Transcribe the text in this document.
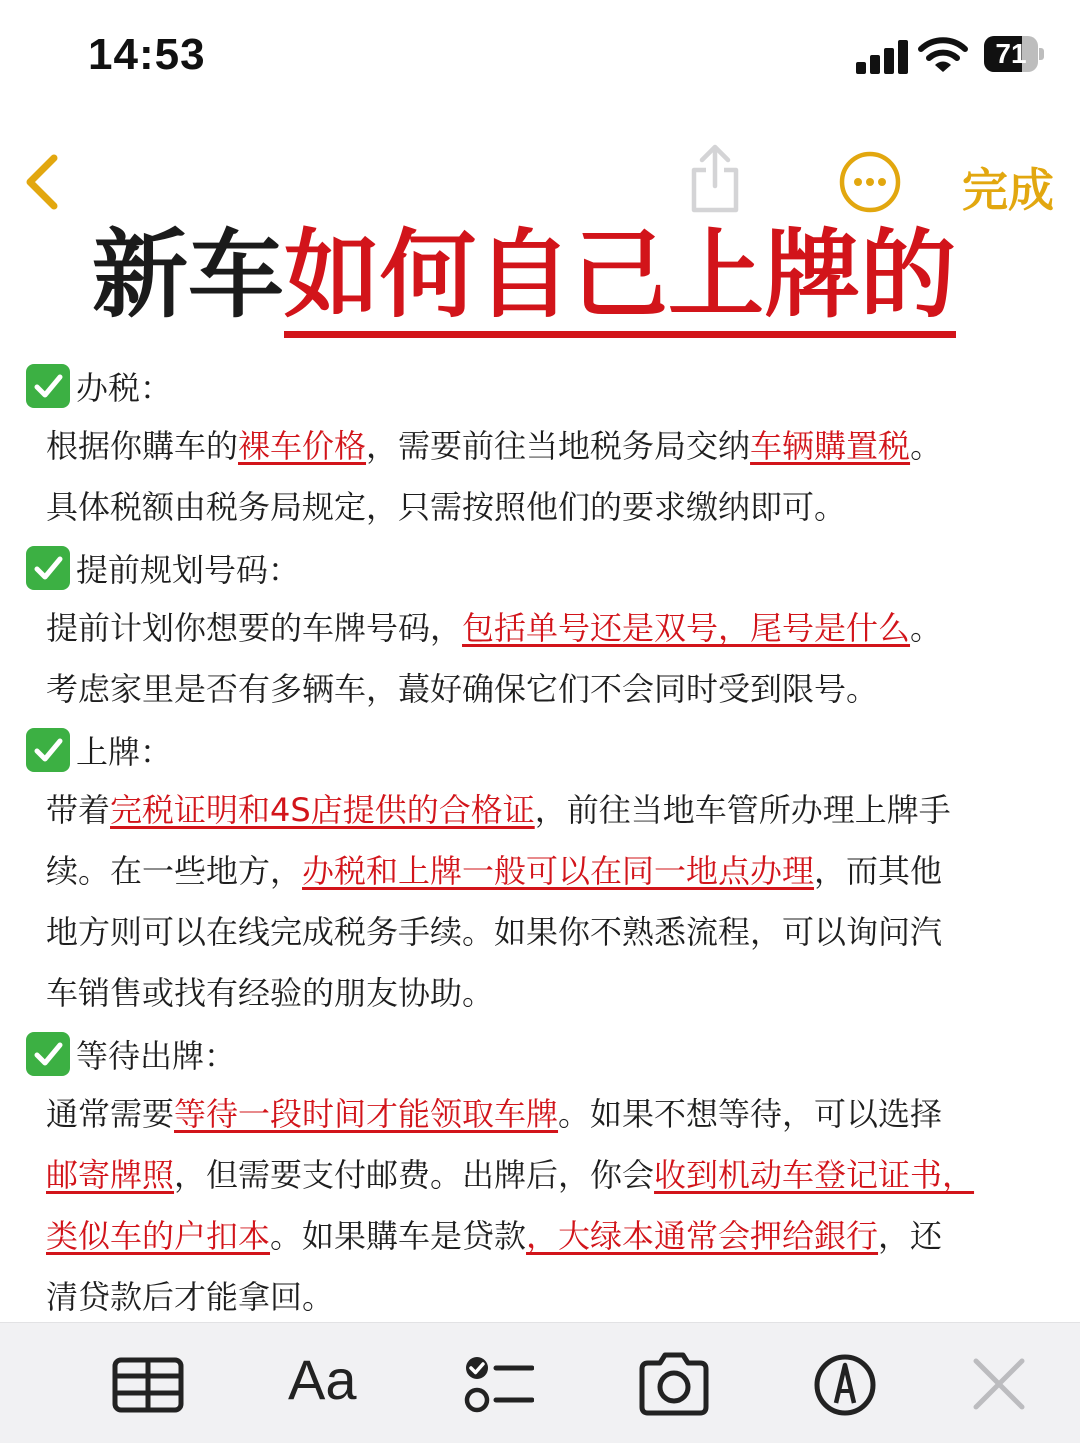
14:53	71
完成
新车如何自己上牌的
办税：
根据你購车的裸车价格，需要前往当地税务局交纳车辆購置税。
具体税额由税务局规定，只需按照他们的要求缴纳即可。
提前规划号码：
提前计划你想要的车牌号码，包括单号还是双号，尾号是什么。
考虑家里是否有多辆车，蕞好确保它们不会同时受到限号。
上牌：
带着完税证明和4S店提供的合格证，前往当地车管所办理上牌手
续。在一些地方，办税和上牌一般可以在同一地点办理，而其他
地方则可以在线完成税务手续。如果你不熟悉流程，可以询问汽
车销售或找有经验的朋友协助。
等待出牌：
通常需要等待一段时间才能领取车牌。如果不想等待，可以选择
邮寄牌照，但需要支付邮费。出牌后，你会收到机动车登记证书，
类似车的户扣本。如果購车是贷款，大绿本通常会押给銀行，还
清贷款后才能拿回。
Aa
